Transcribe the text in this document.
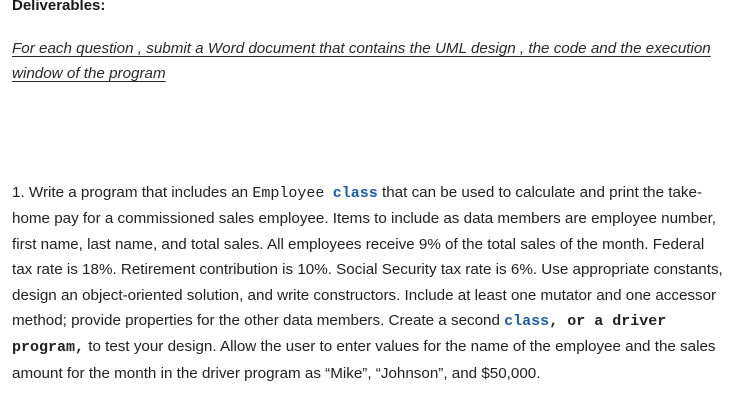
Deliverables:

For each question , submit a Word document that contains the UML design , the code and the execution window of the program

1. Write a program that includes an Employee class that can be used to calculate and print the take-home pay for a commissioned sales employee. Items to include as data members are employee number, first name, last name, and total sales. All employees receive 9% of the total sales of the month. Federal tax rate is 18%. Retirement contribution is 10%. Social Security tax rate is 6%. Use appropriate constants, design an object-oriented solution, and write constructors. Include at least one mutator and one accessor method; provide properties for the other data members. Create a second class, or a driver program, to test your design. Allow the user to enter values for the name of the employee and the sales amount for the month in the driver program as “Mike”, “Johnson”, and $50,000.
